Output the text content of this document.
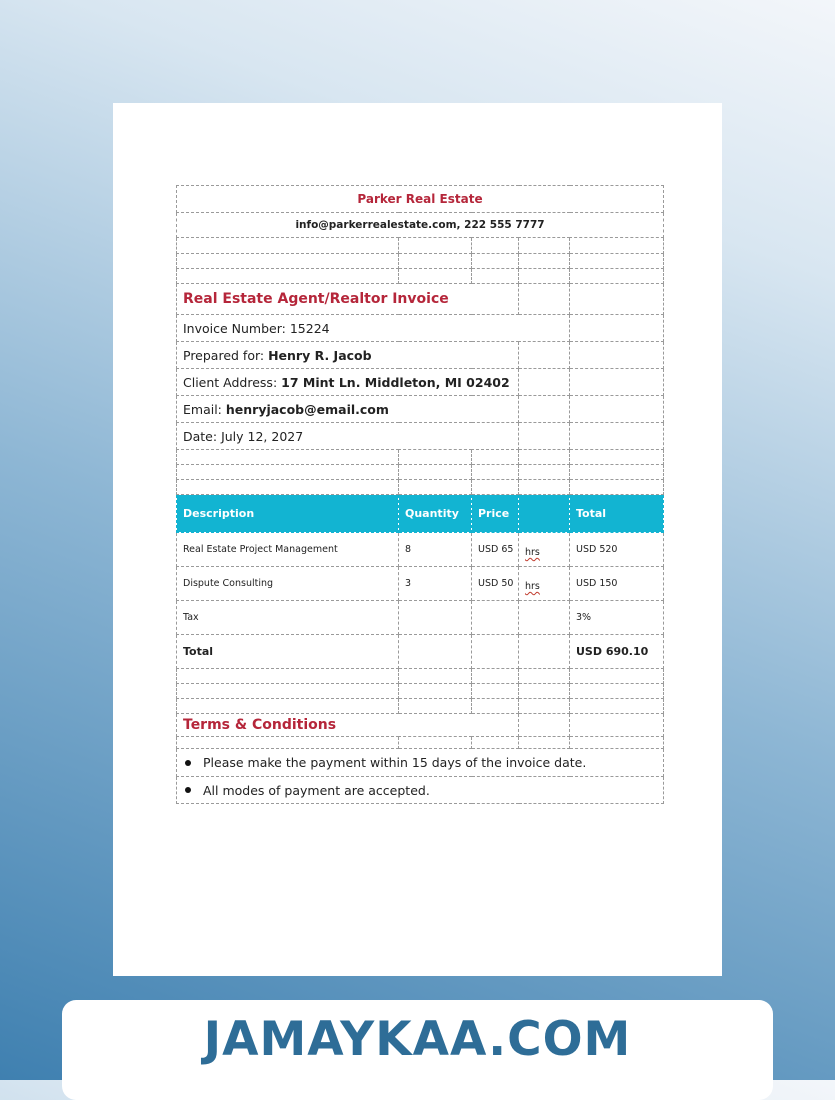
Parker Real Estate				
info@parkerrealestate.com, 222 555 7777				

Real Estate Agent/Realtor Invoice				
Invoice Number: 15224				
Prepared for: Henry R. Jacob				
Client Address: 17 Mint Ln. Middleton, MI 02402				
Email: henryjacob@email.com				
Date: July 12, 2027				

Description	Quantity	Price		Total
Real Estate Project Management	8	USD 65	hrs	USD 520
Dispute Consulting	3	USD 50	hrs	USD 150
Tax				3%
Total				USD 690.10

Terms & Conditions				

Please make the payment within 15 days of the invoice date.				
All modes of payment are accepted.				
JAMAYKAA.COM
